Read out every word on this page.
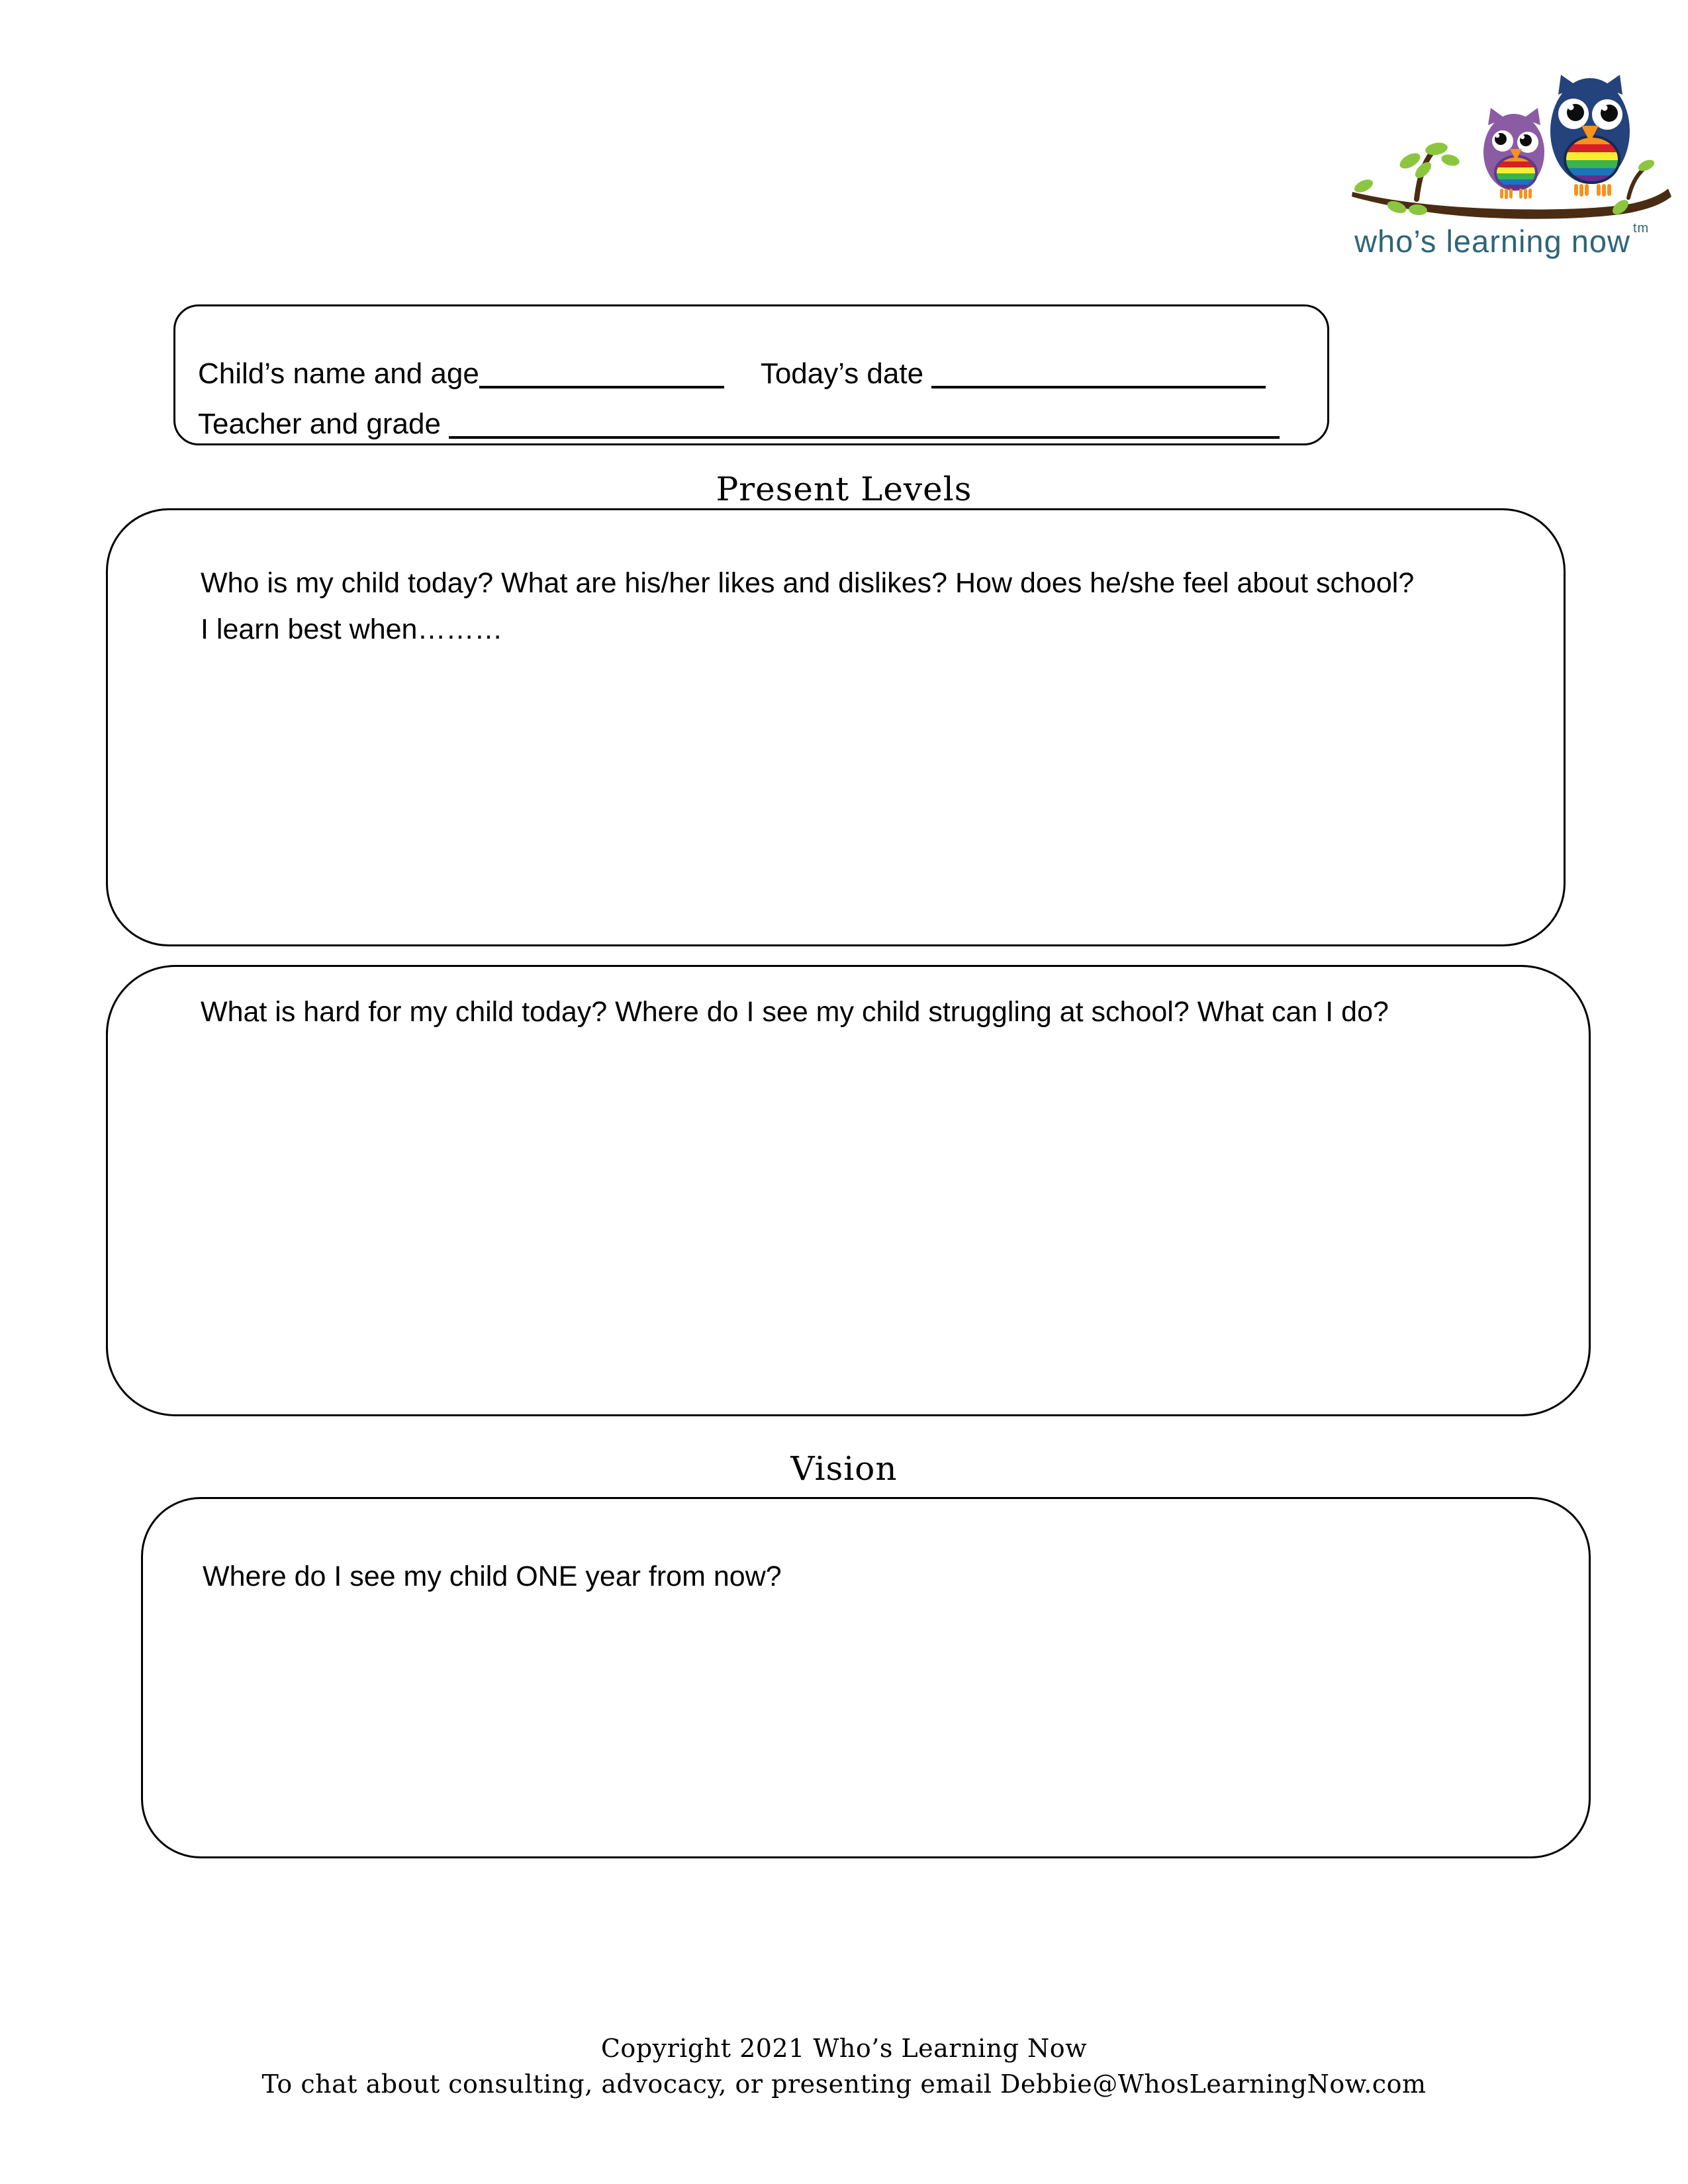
who’s learning now tm
Child’s name and age	Today’s date
Teacher and grade

Present Levels
Who is my child today? What are his/her likes and dislikes? How does he/she feel about school?
I learn best when………
What is hard for my child today? Where do I see my child struggling at school? What can I do?
Vision
Where do I see my child ONE year from now?
Copyright 2021 Who’s Learning Now
To chat about consulting, advocacy, or presenting email Debbie@WhosLearningNow.com
